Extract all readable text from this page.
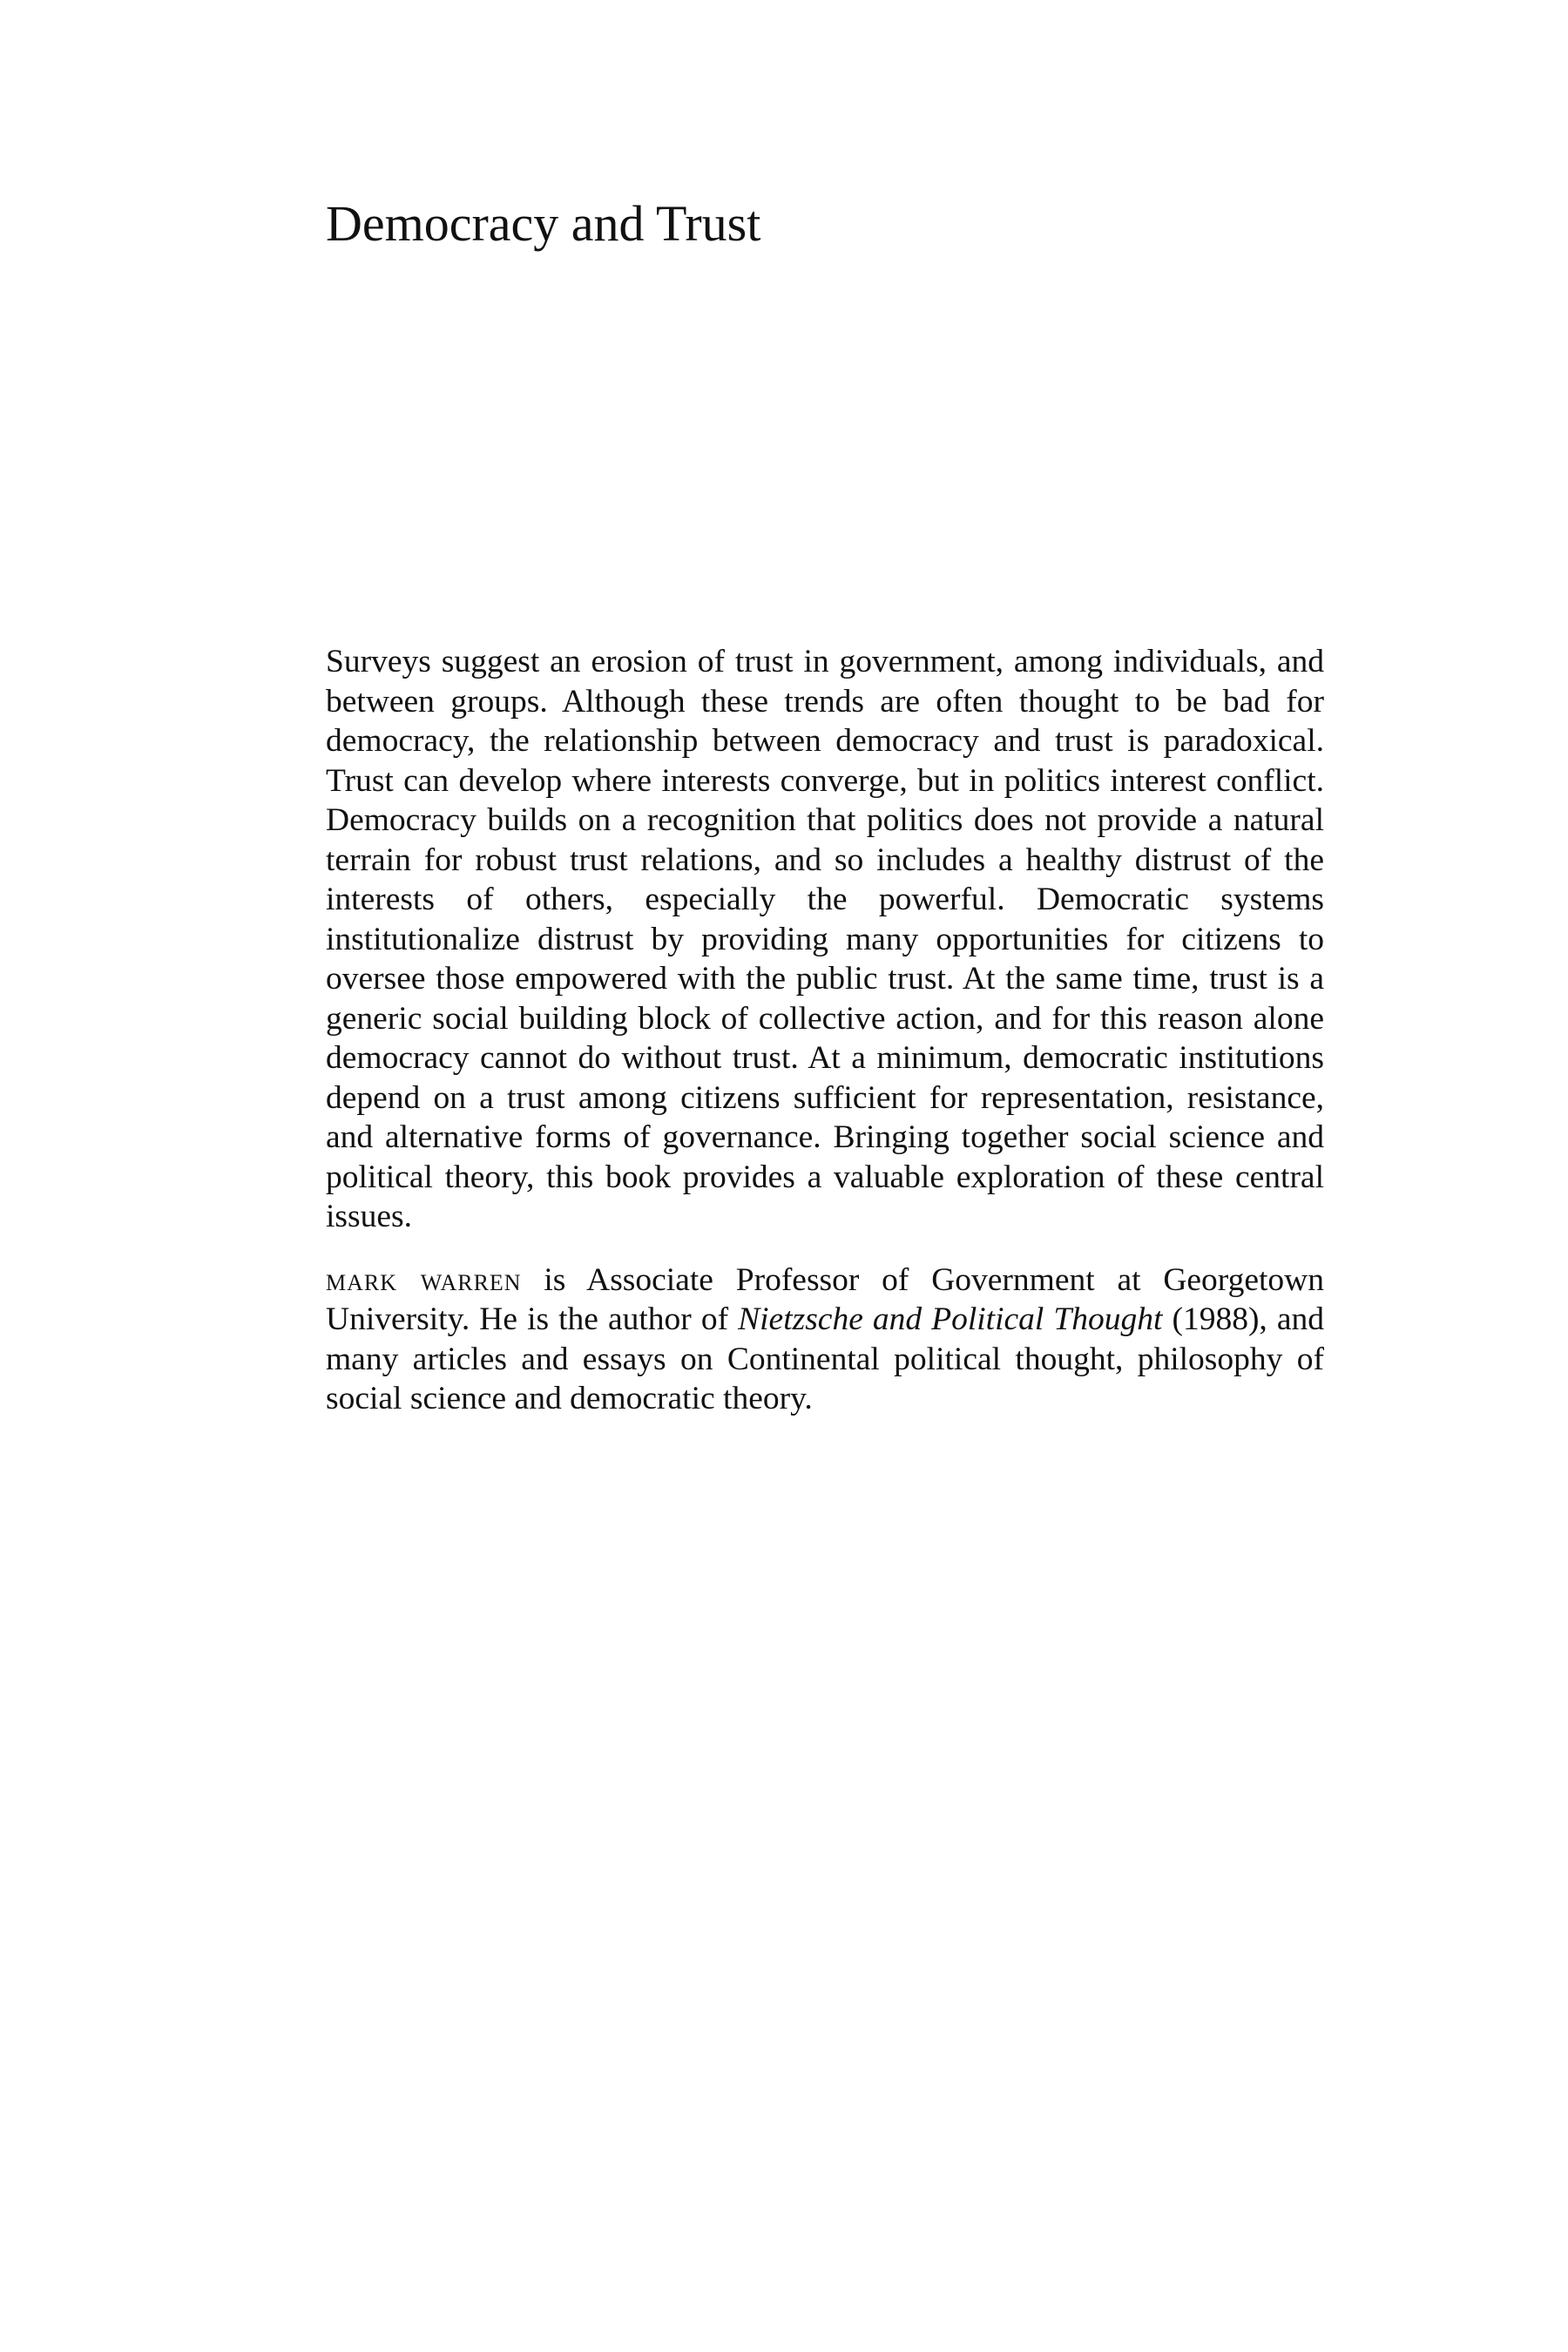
Democracy and Trust

Surveys suggest an erosion of trust in government, among individuals, and between groups. Although these trends are often thought to be bad for democracy, the relationship between democracy and trust is paradoxical. Trust can develop where interests converge, but in politics interest conflict. Democracy builds on a recognition that politics does not provide a natural terrain for robust trust relations, and so includes a healthy distrust of the interests of others, especially the powerful. Democratic systems institutionalize distrust by providing many opportunities for citizens to oversee those empowered with the public trust. At the same time, trust is a generic social building block of collective action, and for this reason alone democracy cannot do without trust. At a minimum, democratic institutions depend on a trust among citizens sufficient for representation, resistance, and alternative forms of governance. Bringing together social science and political theory, this book provides a valuable exploration of these central issues.

mark warren is Associate Professor of Government at Georgetown University. He is the author of Nietzsche and Political Thought (1988), and many articles and essays on Continental political thought, philosophy of social science and democratic theory.
